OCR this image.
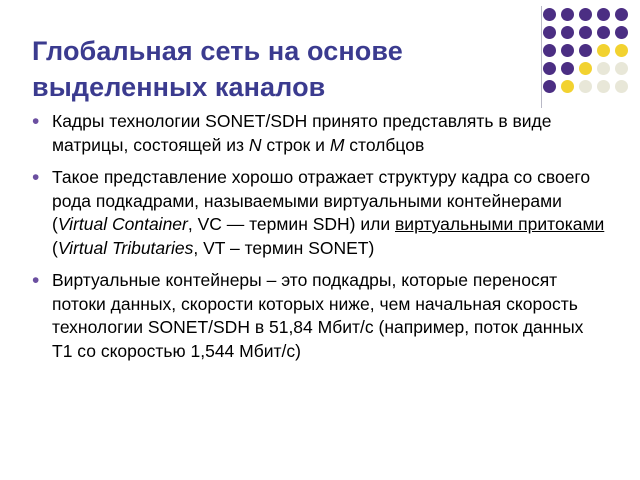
Глобальная сеть на основе выделенных каналов
• Кадры технологии SONET/SDH принято представлять в виде матрицы, состоящей из N строк и M столбцов
• Такое представление хорошо отражает структуру кадра со своего рода подкадрами, называемыми виртуальными контейнерами (Virtual Container, VC — термин SDH) или виртуальными притоками (Virtual Tributaries, VT – термин SONET)
• Виртуальные контейнеры – это подкадры, которые переносят потоки данных, скорости которых ниже, чем начальная скорость технологии SONET/SDH в 51,84 Мбит/с (например, поток данных T1 со скоростью 1,544 Мбит/с)
